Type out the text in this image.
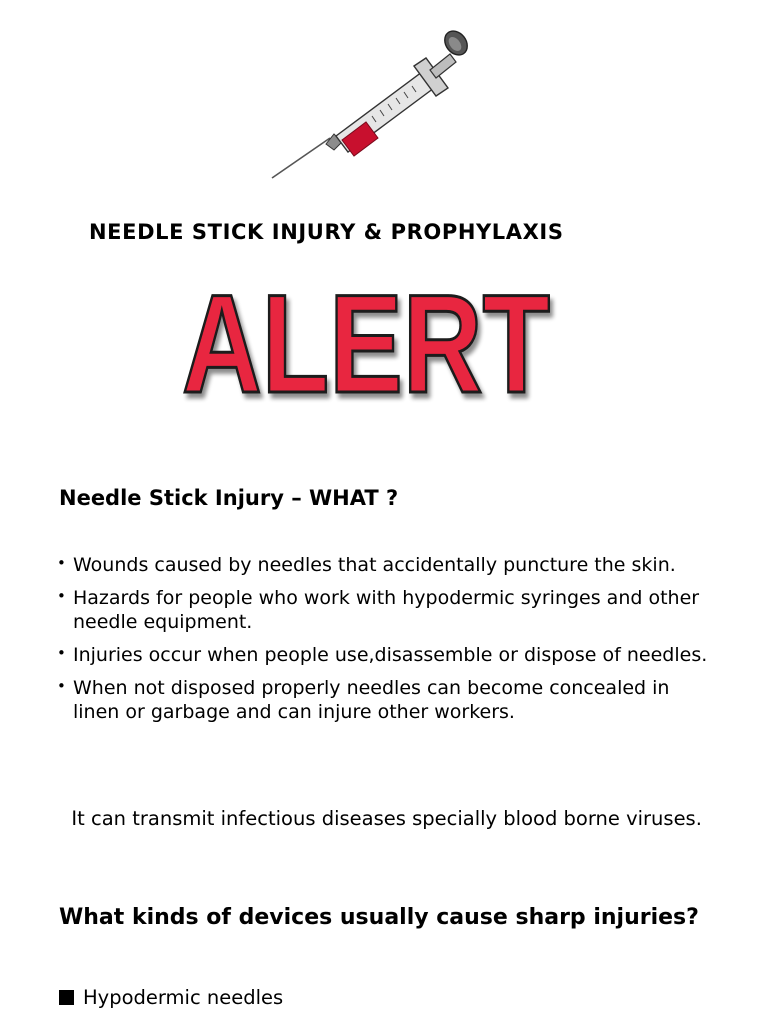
NEEDLE STICK INJURY & PROPHYLAXIS
ALERT
Needle Stick Injury – WHAT ?
• Wounds caused by needles that accidentally puncture the skin.
• Hazards for people who work with hypodermic syringes and other needle equipment.
• Injuries occur when people use,disassemble or dispose of needles.
• When not disposed properly needles can become concealed in linen or garbage and can injure other workers.

It can transmit infectious diseases specially blood borne viruses.

What kinds of devices usually cause sharp injuries?
Hypodermic needles
